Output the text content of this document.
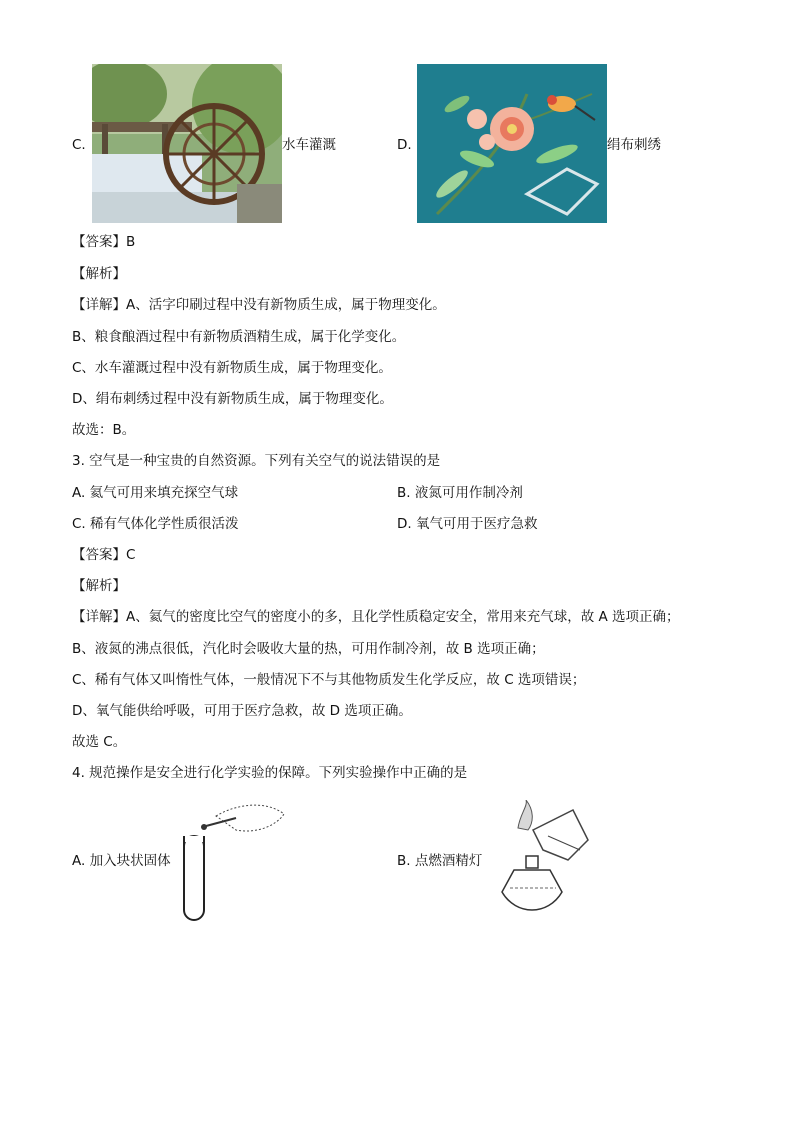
C.	水车灌溉	D.	绢布刺绣
【答案】B
【解析】
【详解】A、活字印刷过程中没有新物质生成，属于物理变化。
B、粮食酿酒过程中有新物质酒精生成，属于化学变化。
C、水车灌溉过程中没有新物质生成，属于物理变化。
D、绢布刺绣过程中没有新物质生成，属于物理变化。
故选：B。
3. 空气是一种宝贵的自然资源。下列有关空气的说法错误的是
A. 氦气可用来填充探空气球	B. 液氮可用作制冷剂
C. 稀有气体化学性质很活泼	D. 氧气可用于医疗急救
【答案】C
【解析】
【详解】A、氦气的密度比空气的密度小的多，且化学性质稳定安全，常用来充气球，故 A 选项正确；
B、液氮的沸点很低，汽化时会吸收大量的热，可用作制冷剂，故 B 选项正确；
C、稀有气体又叫惰性气体，一般情况下不与其他物质发生化学反应，故 C 选项错误；
D、氧气能供给呼吸，可用于医疗急救，故 D 选项正确。
故选 C。
4. 规范操作是安全进行化学实验的保障。下列实验操作中正确的是
A. 加入块状固体	B. 点燃酒精灯
